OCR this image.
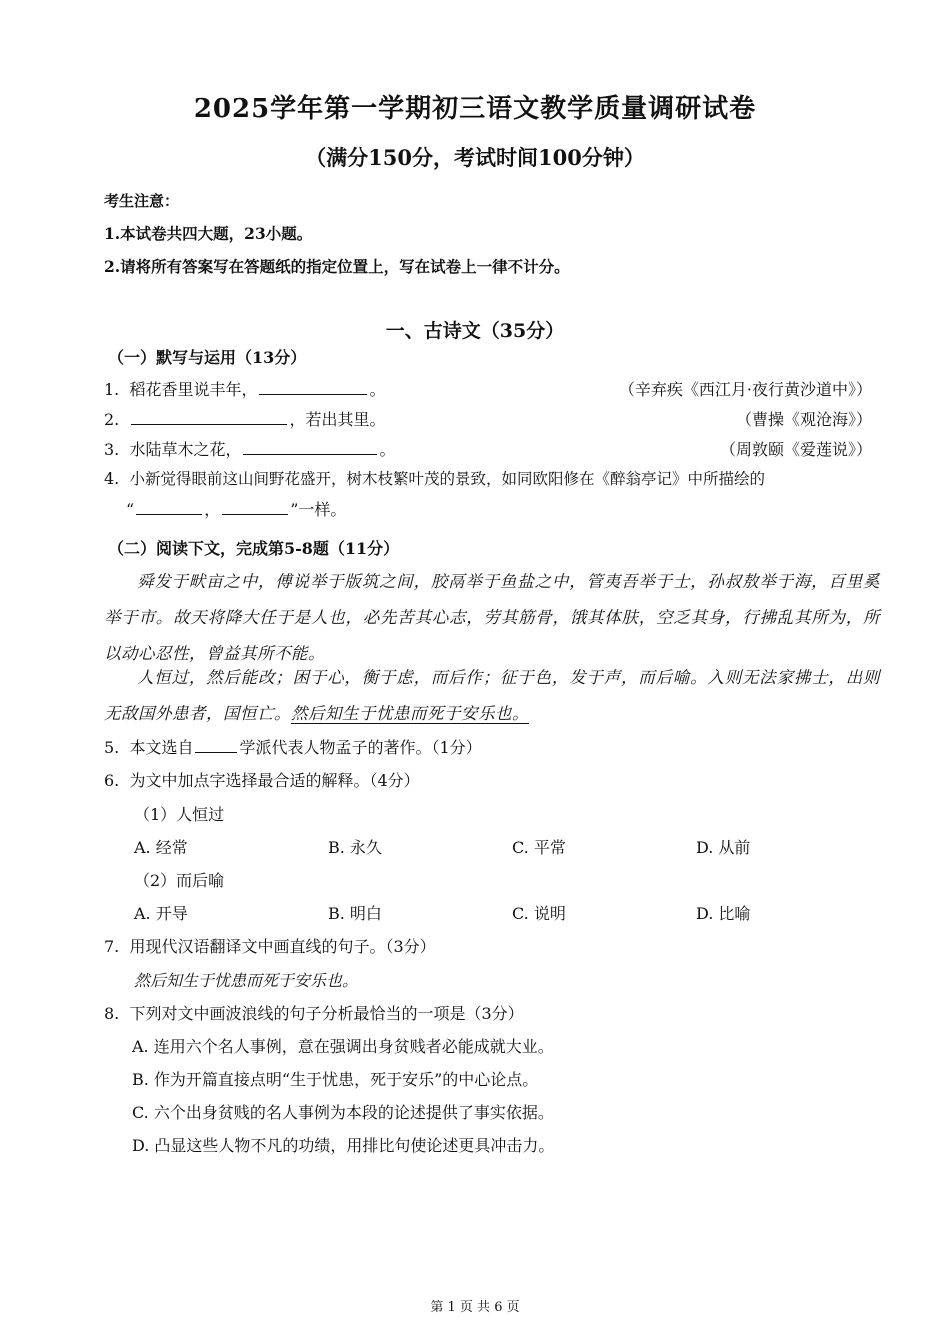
2025学年第一学期初三语文教学质量调研试卷
（满分150分，考试时间100分钟）
考生注意：
1.本试卷共四大题，23小题。
2.请将所有答案写在答题纸的指定位置上，写在试卷上一律不计分。
一、古诗文（35分）
（一）默写与运用（13分）
1. 稻花香里说丰年，	。	（辛弃疾《西江月·夜行黄沙道中》）
2.	，若出其里。	（曹操《观沧海》）
3. 水陆草木之花，	。	（周敦颐《爱莲说》）
4. 小新觉得眼前这山间野花盛开，树木枝繁叶茂的景致，如同欧阳修在《醉翁亭记》中所描绘的
“	，	”一样。
（二）阅读下文，完成第5-8题（11分）
舜发于畎亩之中，傅说举于版筑之间，胶鬲举于鱼盐之中，管夷吾举于士，孙叔敖举于海，百里奚举于市。故天将降大任于是人也，必先苦其心志，劳其筋骨，饿其体肤，空乏其身，行拂乱其所为，所以动心忍性，曾益其所不能。
人恒过，然后能改；困于心，衡于虑，而后作；征于色，发于声，而后喻。入则无法家拂士，出则无敌国外患者，国恒亡。然后知生于忧患而死于安乐也。
5. 本文选自	学派代表人物孟子的著作。（1分）
6. 为文中加点字选择最合适的解释。（4分）
（1）人恒过
A. 经常	B. 永久	C. 平常	D. 从前
（2）而后喻
A. 开导	B. 明白	C. 说明	D. 比喻
7. 用现代汉语翻译文中画直线的句子。（3分）
然后知生于忧患而死于安乐也。
8. 下列对文中画波浪线的句子分析最恰当的一项是（3分）
A. 连用六个名人事例，意在强调出身贫贱者必能成就大业。
B. 作为开篇直接点明“生于忧患，死于安乐”的中心论点。
C. 六个出身贫贱的名人事例为本段的论述提供了事实依据。
D. 凸显这些人物不凡的功绩，用排比句使论述更具冲击力。
第 1 页 共 6 页
